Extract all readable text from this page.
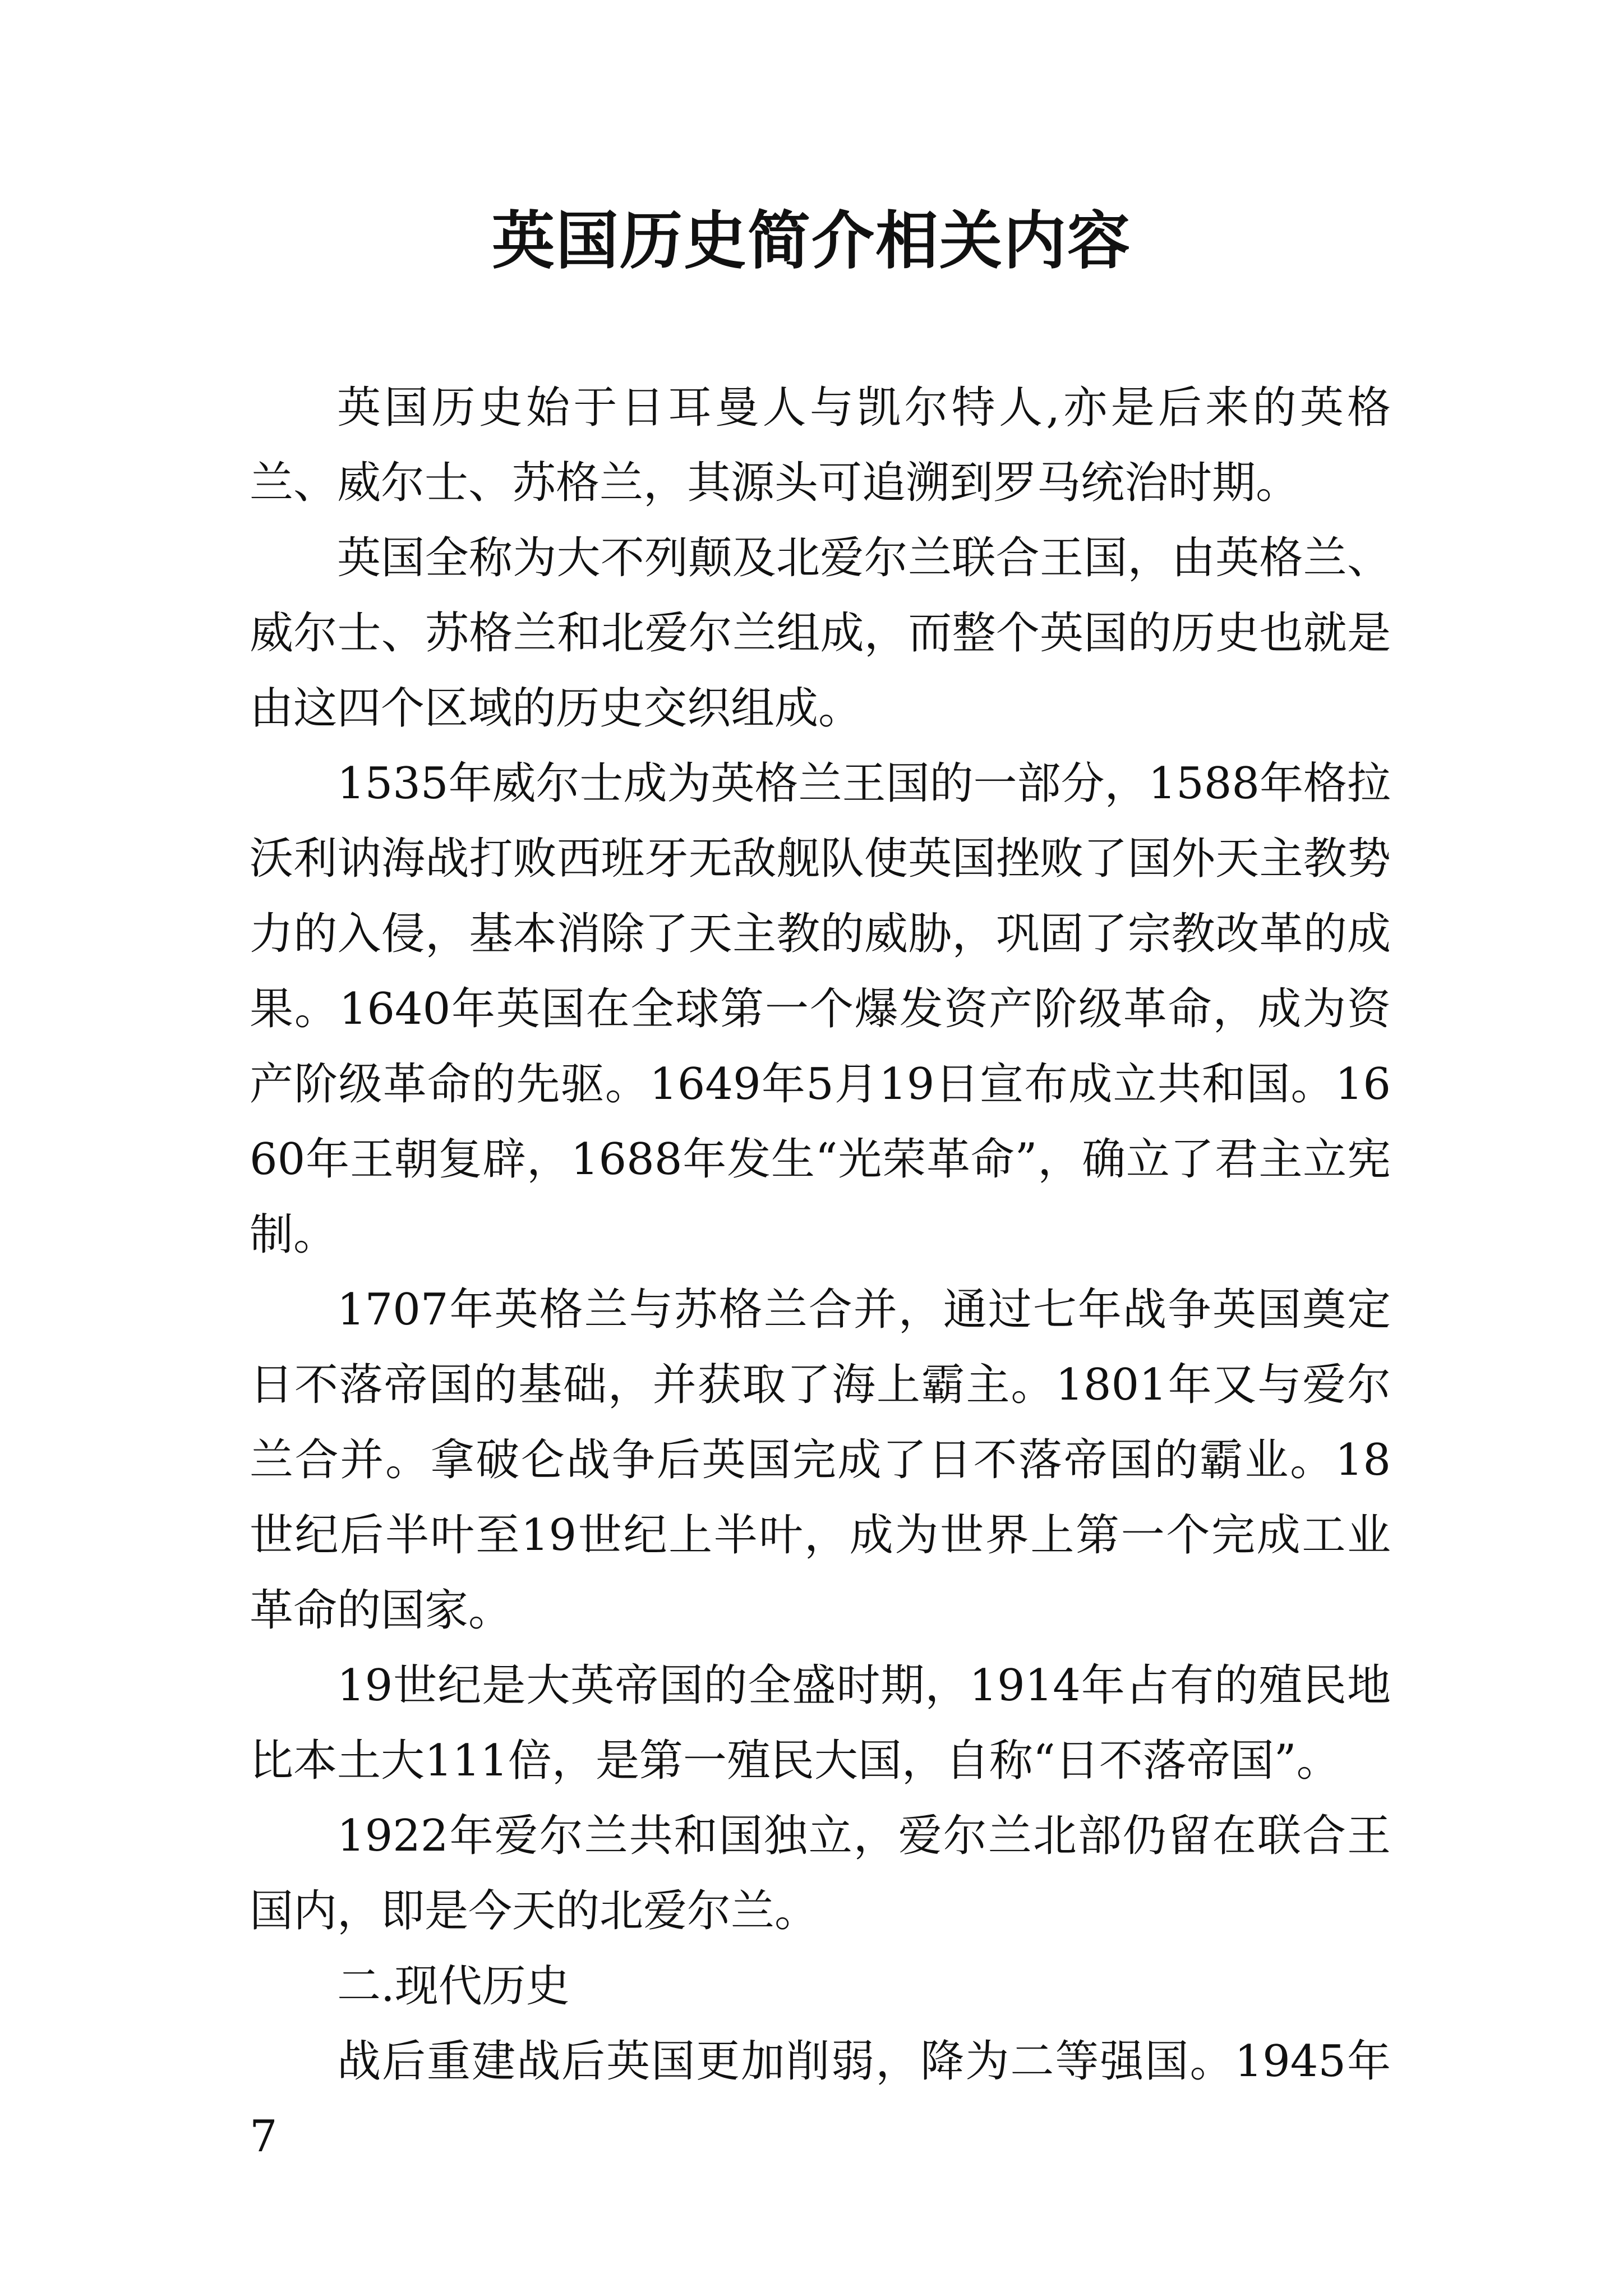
英国历史简介相关内容

英国历史始于日耳曼人与凯尔特人,亦是后来的英格兰、威尔士、苏格兰，其源头可追溯到罗马统治时期。

英国全称为大不列颠及北爱尔兰联合王国，由英格兰、威尔士、苏格兰和北爱尔兰组成，而整个英国的历史也就是由这四个区域的历史交织组成。

1535年威尔士成为英格兰王国的一部分，1588年格拉沃利讷海战打败西班牙无敌舰队使英国挫败了国外天主教势力的入侵，基本消除了天主教的威胁，巩固了宗教改革的成果。1640年英国在全球第一个爆发资产阶级革命，成为资产阶级革命的先驱。1649年5月19日宣布成立共和国。1660年王朝复辟，1688年发生“光荣革命”，确立了君主立宪制。

1707年英格兰与苏格兰合并，通过七年战争英国奠定日不落帝国的基础，并获取了海上霸主。1801年又与爱尔兰合并。拿破仑战争后英国完成了日不落帝国的霸业。18世纪后半叶至19世纪上半叶，成为世界上第一个完成工业革命的国家。

19世纪是大英帝国的全盛时期，1914年占有的殖民地比本土大111倍，是第一殖民大国，自称“日不落帝国”。

1922年爱尔兰共和国独立，爱尔兰北部仍留在联合王国内，即是今天的北爱尔兰。

二.现代历史

战后重建战后英国更加削弱，降为二等强国。1945年7
